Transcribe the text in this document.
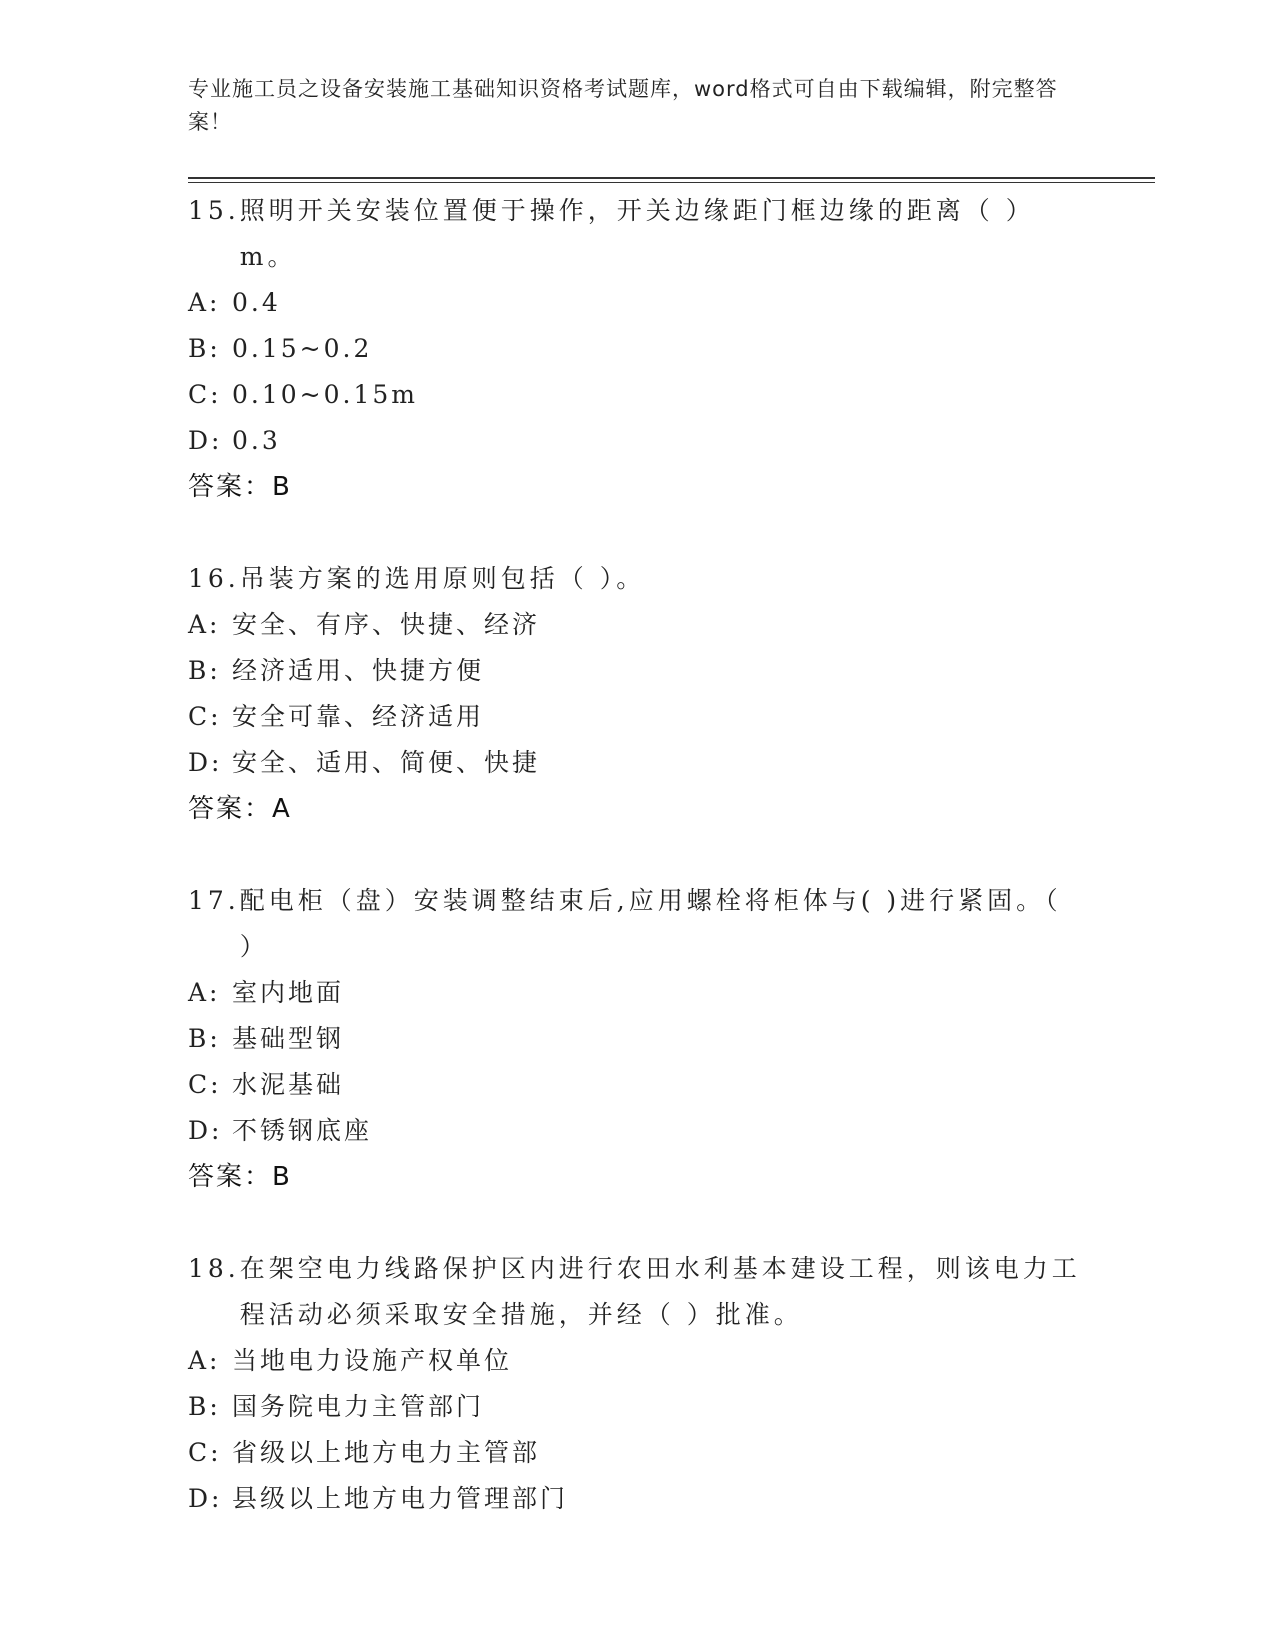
专业施工员之设备安装施工基础知识资格考试题库，word格式可自由下载编辑，附完整答案！
15. 照明开关安装位置便于操作，开关边缘距门框边缘的距离（ ）m。
A: 0.4
B: 0.15~0.2
C: 0.10~0.15m
D: 0.3
答案：B
16. 吊装方案的选用原则包括（ ）。
A: 安全、有序、快捷、经济
B: 经济适用、快捷方便
C: 安全可靠、经济适用
D: 安全、适用、简便、快捷
答案：A
17. 配电柜（盘）安装调整结束后,应用螺栓将柜体与( )进行紧固。（ ）
A: 室内地面
B: 基础型钢
C: 水泥基础
D: 不锈钢底座
答案：B
18. 在架空电力线路保护区内进行农田水利基本建设工程，则该电力工程活动必须采取安全措施，并经（ ）批准。
A: 当地电力设施产权单位
B: 国务院电力主管部门
C: 省级以上地方电力主管部
D: 县级以上地方电力管理部门
